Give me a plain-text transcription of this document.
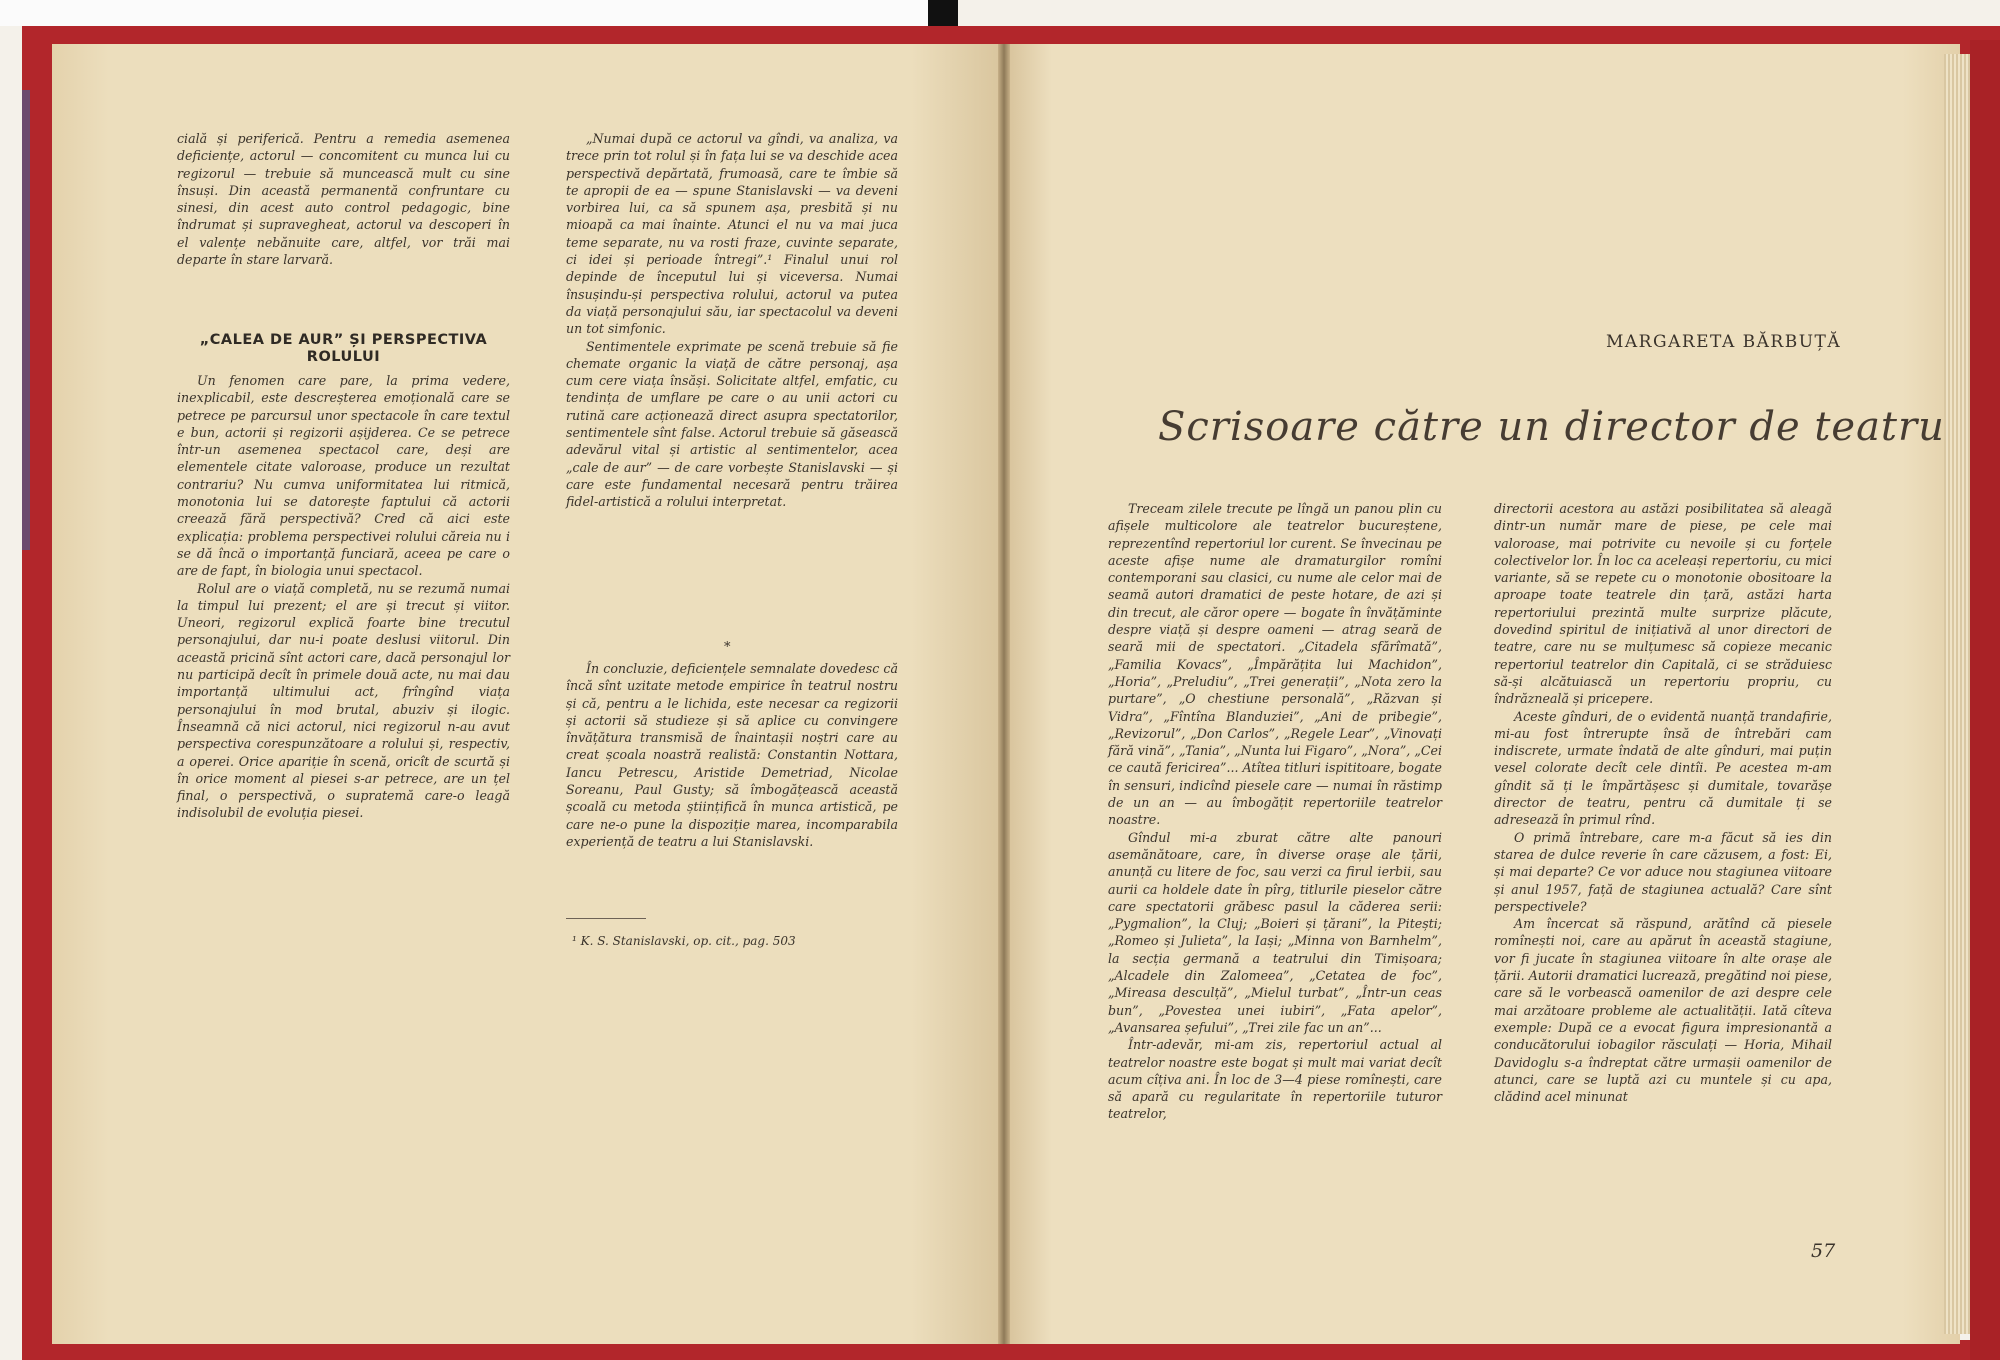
cială și periferică. Pentru a remedia asemenea deficiențe, actorul — concomitent cu munca lui cu regizorul — trebuie să muncească mult cu sine însuși. Din această permanentă confruntare cu sinesi, din acest auto control pedagogic, bine îndrumat și supravegheat, actorul va descoperi în el valențe nebănuite care, altfel, vor trăi mai departe în stare larvară.

„CALEA DE AUR” ȘI PERSPECTIVA ROLULUI

Un fenomen care pare, la prima vedere, inexplicabil, este descreșterea emoțională care se petrece pe parcursul unor spectacole în care textul e bun, actorii și regizorii așijderea. Ce se petrece într-un asemenea spectacol care, deși are elementele citate valoroase, produce un rezultat contrariu? Nu cumva uniformitatea lui ritmică, monotonia lui se datorește faptului că actorii creează fără perspectivă? Cred că aici este explicația: problema perspectivei rolului căreia nu i se dă încă o importanță funciară, aceea pe care o are de fapt, în biologia unui spectacol.

Rolul are o viață completă, nu se rezumă numai la timpul lui prezent; el are și trecut și viitor. Uneori, regizorul explică foarte bine trecutul personajului, dar nu-i poate deslusi viitorul. Din această pricină sînt actori care, dacă personajul lor nu participă decît în primele două acte, nu mai dau importanță ultimului act, frîngînd viața personajului în mod brutal, abuziv și ilogic. Înseamnă că nici actorul, nici regizorul n-au avut perspectiva corespunzătoare a rolului și, respectiv, a operei. Orice apariție în scenă, oricît de scurtă și în orice moment al piesei s-ar petrece, are un țel final, o perspectivă, o supratemă care-o leagă indisolubil de evoluția piesei.

„Numai după ce actorul va gîndi, va analiza, va trece prin tot rolul și în fața lui se va deschide acea perspectivă depărtată, frumoasă, care te îmbie să te apropii de ea — spune Stanislavski — va deveni vorbirea lui, ca să spunem așa, presbită și nu mioapă ca mai înainte. Atunci el nu va mai juca teme separate, nu va rosti fraze, cuvinte separate, ci idei și perioade întregi”.¹ Finalul unui rol depinde de începutul lui și viceversa. Numai însușindu-și perspectiva rolului, actorul va putea da viață personajului său, iar spectacolul va deveni un tot simfonic.

Sentimentele exprimate pe scenă trebuie să fie chemate organic la viață de către personaj, așa cum cere viața însăși. Solicitate altfel, emfatic, cu tendința de umflare pe care o au unii actori cu rutină care acționează direct asupra spectatorilor, sentimentele sînt false. Actorul trebuie să găsească adevărul vital și artistic al sentimentelor, acea „cale de aur” — de care vorbește Stanislavski — și care este fundamental necesară pentru trăirea fidel-artistică a rolului interpretat.

*

În concluzie, deficiențele semnalate dovedesc că încă sînt uzitate metode empirice în teatrul nostru și că, pentru a le lichida, este necesar ca regizorii și actorii să studieze și să aplice cu convingere învățătura transmisă de înaintașii noștri care au creat școala noastră realistă: Constantin Nottara, Iancu Petrescu, Aristide Demetriad, Nicolae Soreanu, Paul Gusty; să îmbogățească această școală cu metoda științifică în munca artistică, pe care ne-o pune la dispoziție marea, incomparabila experiență de teatru a lui Stanislavski.

¹ K. S. Stanislavski, op. cit., pag. 503
MARGARETA BĂRBUȚĂ
Scrisoare către un director de teatru

Treceam zilele trecute pe lîngă un panou plin cu afișele multicolore ale teatrelor bucureștene, reprezentînd repertoriul lor curent. Se învecinau pe aceste afișe nume ale dramaturgilor romîni contemporani sau clasici, cu nume ale celor mai de seamă autori dramatici de peste hotare, de azi și din trecut, ale căror opere — bogate în învățăminte despre viață și despre oameni — atrag seară de seară mii de spectatori. „Citadela sfărîmată”, „Familia Kovacs”, „Împărățita lui Machidon”, „Horia”, „Preludiu”, „Trei generații”, „Nota zero la purtare”, „O chestiune personală”, „Răzvan și Vidra”, „Fîntîna Blanduziei”, „Ani de pribegie”, „Revizorul”, „Don Carlos”, „Regele Lear”, „Vinovați fără vină”, „Tania”, „Nunta lui Figaro”, „Nora”, „Cei ce caută fericirea”... Atîtea titluri ispititoare, bogate în sensuri, indicînd piesele care — numai în răstimp de un an — au îmbogățit repertoriile teatrelor noastre.

Gîndul mi-a zburat către alte panouri asemănătoare, care, în diverse orașe ale țării, anunță cu litere de foc, sau verzi ca firul ierbii, sau aurii ca holdele date în pîrg, titlurile pieselor către care spectatorii grăbesc pasul la căderea serii: „Pygmalion”, la Cluj; „Boieri și țărani”, la Pitești; „Romeo și Julieta”, la Iași; „Minna von Barnhelm”, la secția germană a teatrului din Timișoara; „Alcadele din Zalomeea”, „Cetatea de foc”, „Mireasa desculță”, „Mielul turbat”, „Într-un ceas bun”, „Povestea unei iubiri”, „Fata apelor”, „Avansarea șefului”, „Trei zile fac un an”...

Într-adevăr, mi-am zis, repertoriul actual al teatrelor noastre este bogat și mult mai variat decît acum cîțiva ani. În loc de 3—4 piese romînești, care să apară cu regularitate în repertoriile tuturor teatrelor,

directorii acestora au astăzi posibilitatea să aleagă dintr-un număr mare de piese, pe cele mai valoroase, mai potrivite cu nevoile și cu forțele colectivelor lor. În loc ca aceleași repertoriu, cu mici variante, să se repete cu o monotonie obositoare la aproape toate teatrele din țară, astăzi harta repertoriului prezintă multe surprize plăcute, dovedind spiritul de inițiativă al unor directori de teatre, care nu se mulțumesc să copieze mecanic repertoriul teatrelor din Capitală, ci se străduiesc să-și alcătuiască un repertoriu propriu, cu îndrăzneală și pricepere.

Aceste gînduri, de o evidentă nuanță trandafirie, mi-au fost întrerupte însă de întrebări cam indiscrete, urmate îndată de alte gînduri, mai puțin vesel colorate decît cele dintîi. Pe acestea m-am gîndit să ți le împărtășesc și dumitale, tovarășe director de teatru, pentru că dumitale ți se adresează în primul rînd.

O primă întrebare, care m-a făcut să ies din starea de dulce reverie în care căzusem, a fost: Ei, și mai departe? Ce vor aduce nou stagiunea viitoare și anul 1957, față de stagiunea actuală? Care sînt perspectivele?

Am încercat să răspund, arătînd că piesele romînești noi, care au apărut în această stagiune, vor fi jucate în stagiunea viitoare în alte orașe ale țării. Autorii dramatici lucrează, pregătind noi piese, care să le vorbească oamenilor de azi despre cele mai arzătoare probleme ale actualității. Iată cîteva exemple: După ce a evocat figura impresionantă a conducătorului iobagilor răsculați — Horia, Mihail Davidoglu s-a îndreptat către urmașii oamenilor de atunci, care se luptă azi cu muntele și cu apa, clădind acel minunat

57
